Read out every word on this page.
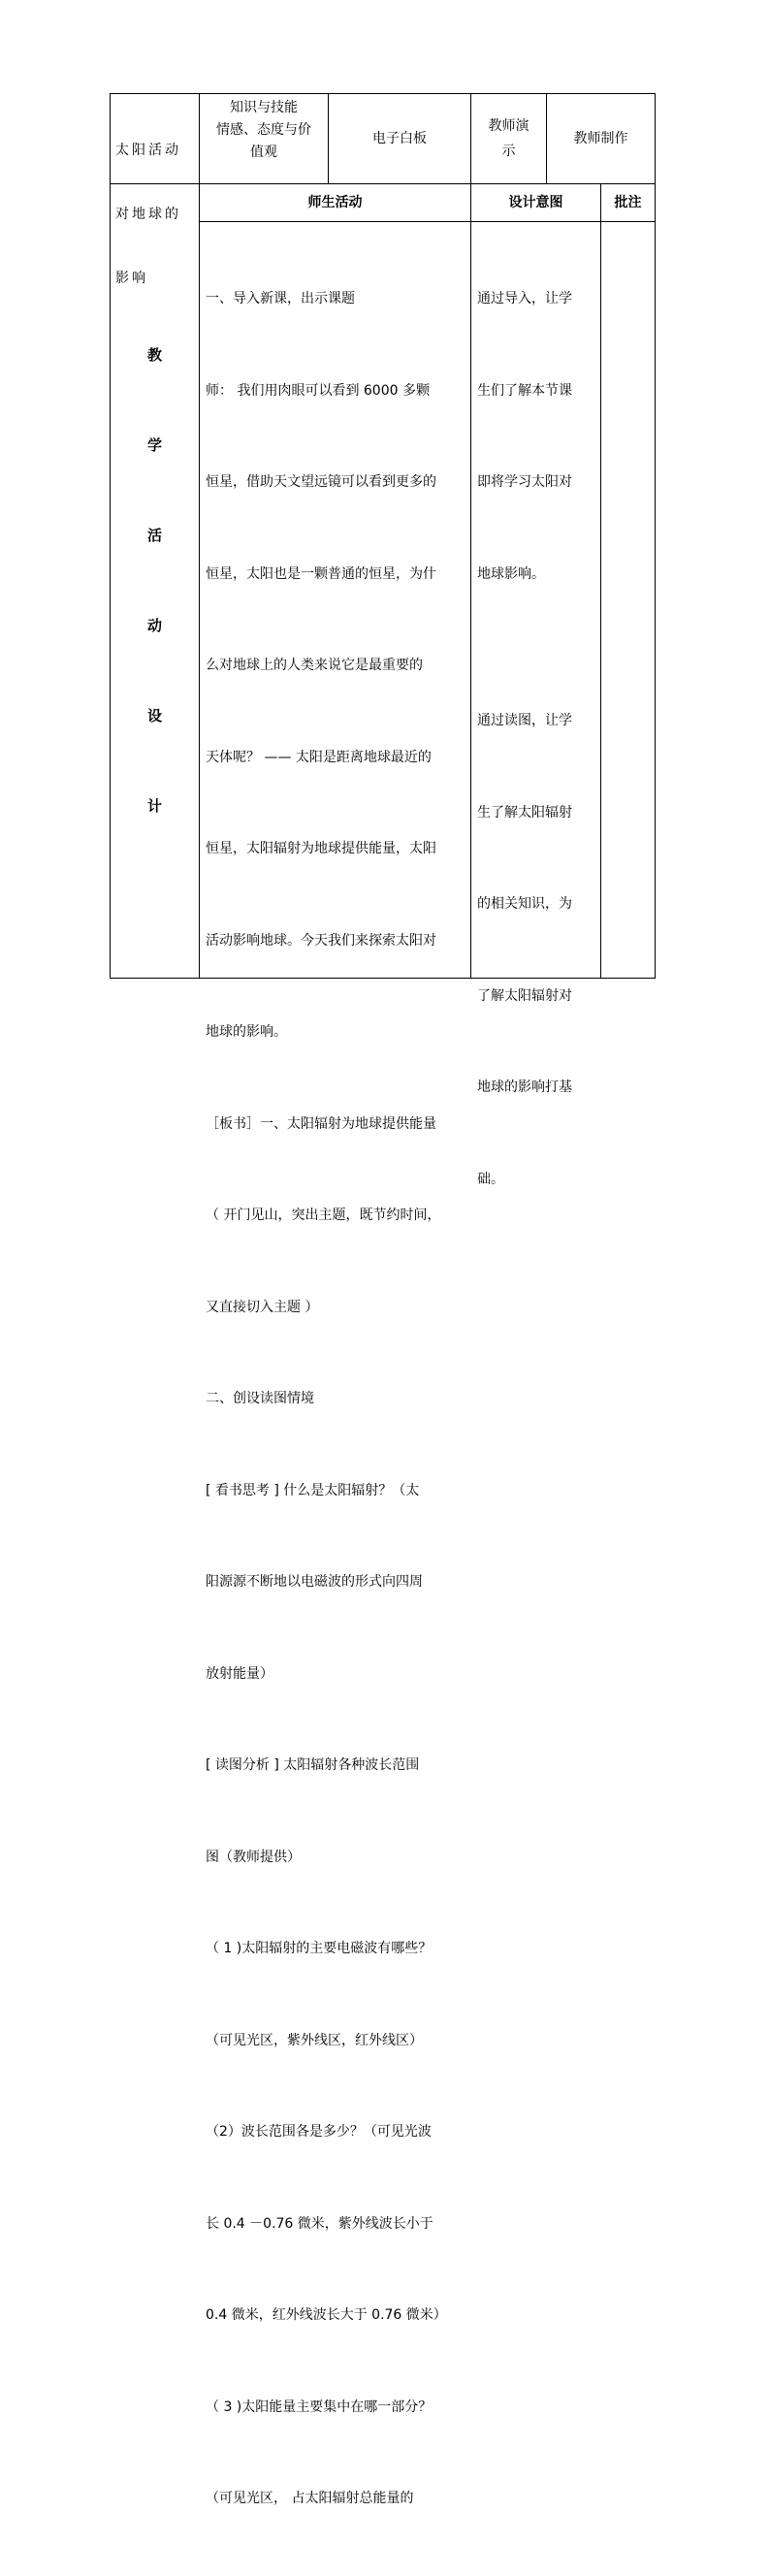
太阳活动

对地球的

影响

知识与技能
情感、态度与价
值观
电子白板
教师演
示
教师制作

教

学

活

动

设

计

师生活动	设计意图	批注

一、导入新课，出示课题

师： 我们用肉眼可以看到 6000 多颗

恒星，借助天文望远镜可以看到更多的

恒星，太阳也是一颗普通的恒星，为什

么对地球上的人类来说它是最重要的

天体呢？ —— 太阳是距离地球最近的

恒星，太阳辐射为地球提供能量，太阳

活动影响地球。今天我们来探索太阳对

地球的影响。

［板书］一、太阳辐射为地球提供能量

（ 开门见山，突出主题，既节约时间，

又直接切入主题 ）

二、创设读图情境

[ 看书思考 ] 什么是太阳辐射？（太

阳源源不断地以电磁波的形式向四周

放射能量）

[ 读图分析 ] 太阳辐射各种波长范围

图（教师提供）

（ 1 )太阳辐射的主要电磁波有哪些？

（可见光区，紫外线区，红外线区）

（2）波长范围各是多少？（可见光波

长 0.4 －0.76 微米，紫外线波长小于

0.4 微米，红外线波长大于 0.76 微米）

（ 3 )太阳能量主要集中在哪一部分？

（可见光区， 占太阳辐射总能量的

通过导入，让学

生们了解本节课

即将学习太阳对

地球影响。

通过读图，让学

生了解太阳辐射

的相关知识，为

了解太阳辐射对

地球的影响打基

础。
